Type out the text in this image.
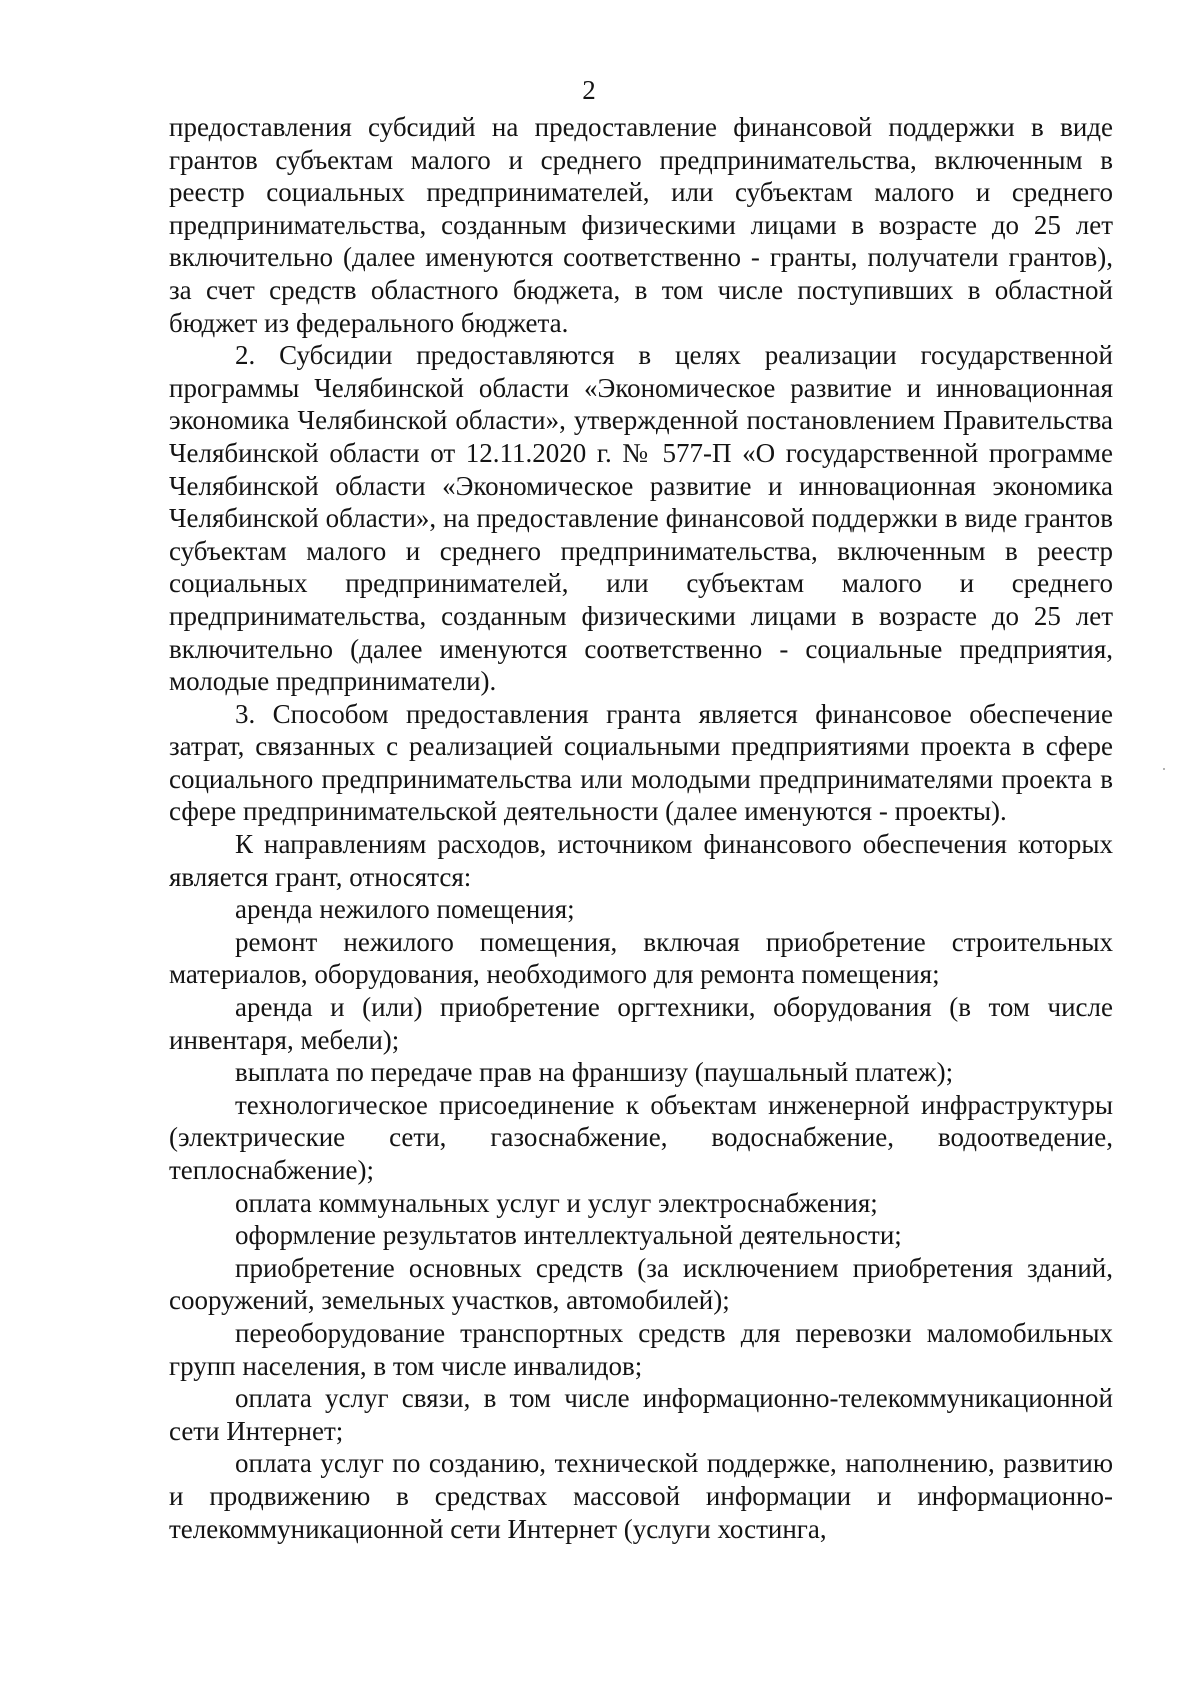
2

предоставления субсидий на предоставление финансовой поддержки в виде грантов субъектам малого и среднего предпринимательства, включенным в реестр социальных предпринимателей, или субъектам малого и среднего предпринимательства, созданным физическими лицами в возрасте до 25 лет включительно (далее именуются соответственно - гранты, получатели грантов), за счет средств областного бюджета, в том числе поступивших в областной бюджет из федерального бюджета.

2. Субсидии предоставляются в целях реализации государственной программы Челябинской области «Экономическое развитие и инновационная экономика Челябинской области», утвержденной постановлением Правительства Челябинской области от 12.11.2020 г. № 577-П «О государственной программе Челябинской области «Экономическое развитие и инновационная экономика Челябинской области», на предоставление финансовой поддержки в виде грантов субъектам малого и среднего предпринимательства, включенным в реестр социальных предпринимателей, или субъектам малого и среднего предпринимательства, созданным физическими лицами в возрасте до 25 лет включительно (далее именуются соответственно - социальные предприятия, молодые предприниматели).

3. Способом предоставления гранта является финансовое обеспечение затрат, связанных с реализацией социальными предприятиями проекта в сфере социального предпринимательства или молодыми предпринимателями проекта в сфере предпринимательской деятельности (далее именуются - проекты).

К направлениям расходов, источником финансового обеспечения которых является грант, относятся:

аренда нежилого помещения;

ремонт нежилого помещения, включая приобретение строительных материалов, оборудования, необходимого для ремонта помещения;

аренда и (или) приобретение оргтехники, оборудования (в том числе инвентаря, мебели);

выплата по передаче прав на франшизу (паушальный платеж);

технологическое присоединение к объектам инженерной инфраструктуры (электрические сети, газоснабжение, водоснабжение, водоотведение, теплоснабжение);

оплата коммунальных услуг и услуг электроснабжения;

оформление результатов интеллектуальной деятельности;

приобретение основных средств (за исключением приобретения зданий, сооружений, земельных участков, автомобилей);

переоборудование транспортных средств для перевозки маломобильных групп населения, в том числе инвалидов;

оплата услуг связи, в том числе информационно-телекоммуникационной сети Интернет;

оплата услуг по созданию, технической поддержке, наполнению, развитию и продвижению в средствах массовой информации и информационно-телекоммуникационной сети Интернет (услуги хостинга,
